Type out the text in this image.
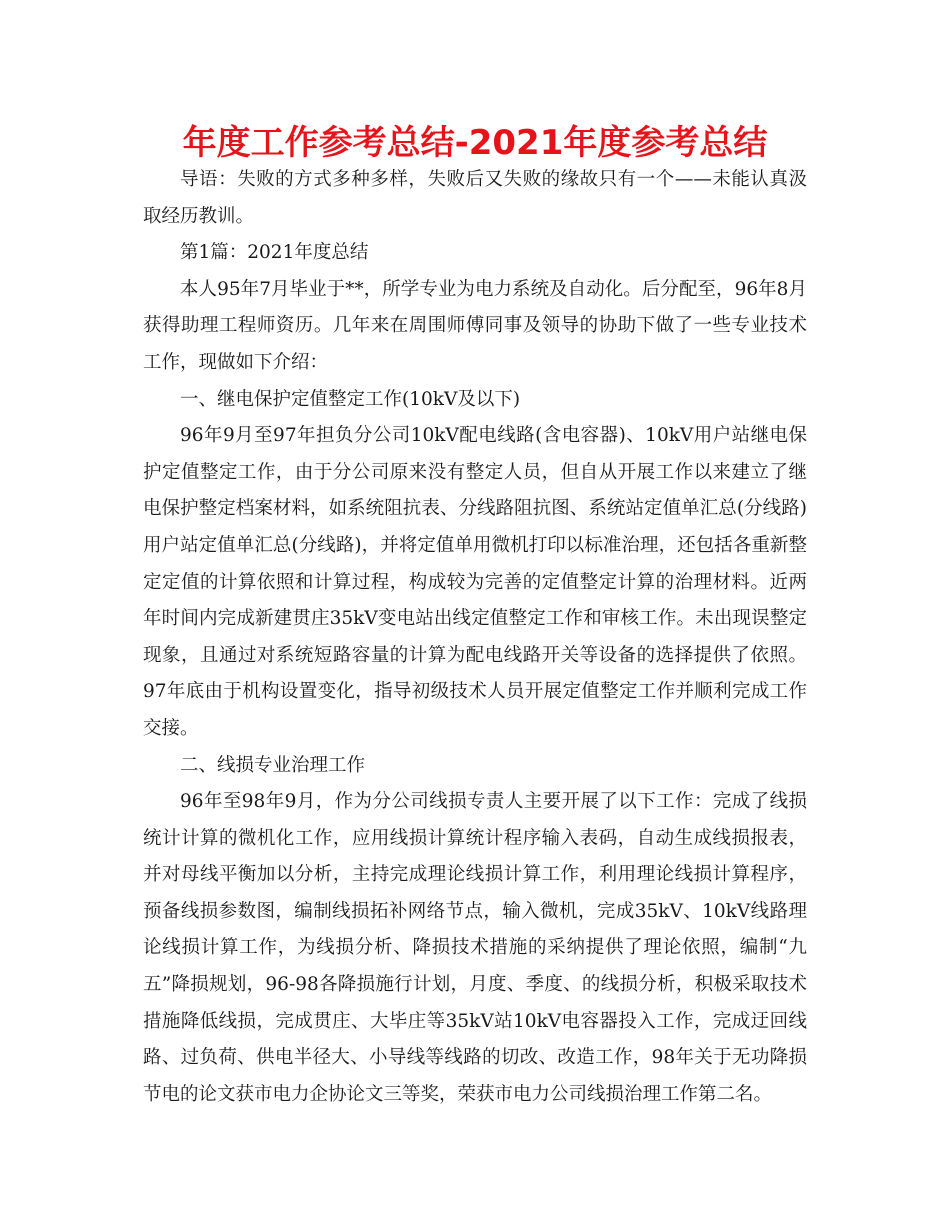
年度工作参考总结-2021年度参考总结

导语：失败的方式多种多样，失败后又失败的缘故只有一个——未能认真汲取经历教训。

第1篇：2021年度总结

本人95年7月毕业于**，所学专业为电力系统及自动化。后分配至，96年8月获得助理工程师资历。几年来在周围师傅同事及领导的协助下做了一些专业技术工作，现做如下介绍：

一、继电保护定值整定工作(10kV及以下)

96年9月至97年担负分公司10kV配电线路(含电容器)、10kV用户站继电保护定值整定工作，由于分公司原来没有整定人员，但自从开展工作以来建立了继电保护整定档案材料，如系统阻抗表、分线路阻抗图、系统站定值单汇总(分线路)用户站定值单汇总(分线路)，并将定值单用微机打印以标准治理，还包括各重新整定定值的计算依照和计算过程，构成较为完善的定值整定计算的治理材料。近两年时间内完成新建贯庄35kV变电站出线定值整定工作和审核工作。未出现误整定现象，且通过对系统短路容量的计算为配电线路开关等设备的选择提供了依照。97年底由于机构设置变化，指导初级技术人员开展定值整定工作并顺利完成工作交接。

二、线损专业治理工作

96年至98年9月，作为分公司线损专责人主要开展了以下工作：完成了线损统计计算的微机化工作，应用线损计算统计程序输入表码，自动生成线损报表，并对母线平衡加以分析，主持完成理论线损计算工作，利用理论线损计算程序，预备线损参数图，编制线损拓补网络节点，输入微机，完成35kV、10kV线路理论线损计算工作，为线损分析、降损技术措施的采纳提供了理论依照，编制“九五”降损规划，96-98各降损施行计划，月度、季度、的线损分析，积极采取技术措施降低线损，完成贯庄、大毕庄等35kV站10kV电容器投入工作，完成迂回线路、过负荷、供电半径大、小导线等线路的切改、改造工作，98年关于无功降损节电的论文获市电力企协论文三等奖，荣获市电力公司线损治理工作第二名。
